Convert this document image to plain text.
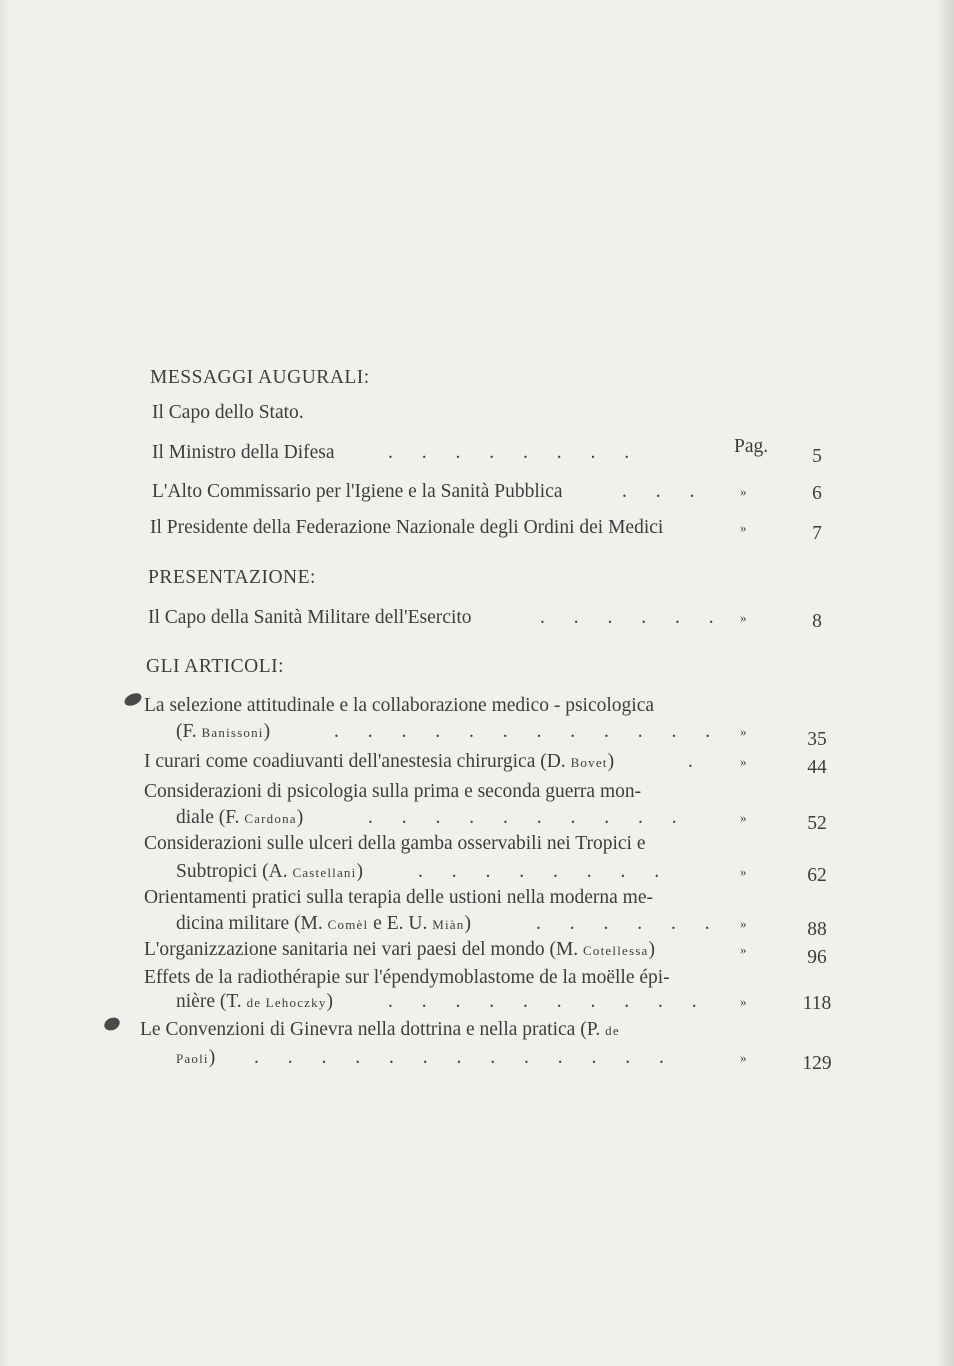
MESSAGGI AUGURALI:
Il Capo dello Stato.
Il Ministro della Difesa	. . . . . . . .	Pag.	5
L'Alto Commissario per l'Igiene e la Sanità Pubblica	. . .	»	6
Il Presidente della Federazione Nazionale degli Ordini dei Medici	»	7
PRESENTAZIONE:
Il Capo della Sanità Militare dell'Esercito	. . . . . . »	8
GLI ARTICOLI:
La selezione attitudinale e la collaborazione medico - psicologica
(F. Banissoni)	. . . . . . . . . . . . »	35
I curari come coadiuvanti dell'anestesia chirurgica (D. Bovet)	.	»	44
Considerazioni di psicologia sulla prima e seconda guerra mon-
diale (F. Cardona)	. . . . . . . . . .	»	52
Considerazioni sulle ulceri della gamba osservabili nei Tropici e
Subtropici (A. Castellani)	. . . . . . . .	»	62
Orientamenti pratici sulla terapia delle ustioni nella moderna me-
dicina militare (M. Comèl e E. U. Miàn)	. . . . . . »	88
L'organizzazione sanitaria nei vari paesi del mondo (M. Cotellessa)	»	96
Effets de la radiothérapie sur l'épendymoblastome de la moëlle épi-
nière (T. de Lehoczky)	. . . . . . . . . . »	118
Le Convenzioni di Ginevra nella dottrina e nella pratica (P. de
Paoli) . . . . . . . . . . . . .	»	129
